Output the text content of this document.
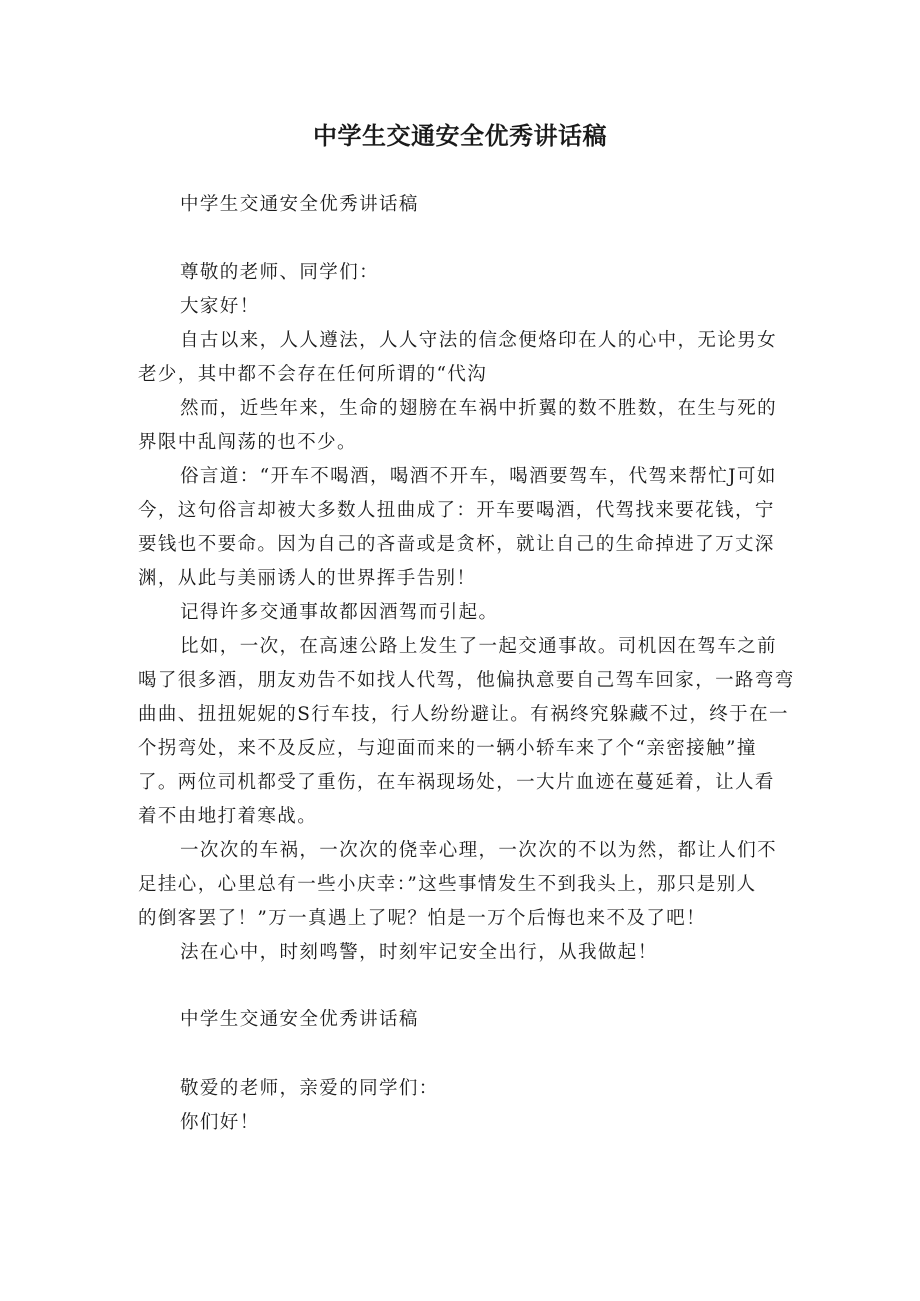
中学生交通安全优秀讲话稿
中学生交通安全优秀讲话稿
尊敬的老师、同学们：
大家好！
自古以来，人人遵法，人人守法的信念便烙印在人的心中，无论男女
老少，其中都不会存在任何所谓的“代沟
然而，近些年来，生命的翅膀在车祸中折翼的数不胜数，在生与死的
界限中乱闯荡的也不少。
俗言道：“开车不喝酒，喝酒不开车，喝酒要驾车，代驾来帮忙J可如
今，这句俗言却被大多数人扭曲成了：开车要喝酒，代驾找来要花钱，宁
要钱也不要命。因为自己的吝啬或是贪杯，就让自己的生命掉进了万丈深
渊，从此与美丽诱人的世界挥手告别！
记得许多交通事故都因酒驾而引起。
比如，一次，在高速公路上发生了一起交通事故。司机因在驾车之前
喝了很多酒，朋友劝告不如找人代驾，他偏执意要自己驾车回家，一路弯弯
曲曲、扭扭妮妮的S行车技，行人纷纷避让。有祸终究躲藏不过，终于在一
个拐弯处，来不及反应，与迎面而来的一辆小轿车来了个“亲密接触”撞
了。两位司机都受了重伤，在车祸现场处，一大片血迹在蔓延着，让人看
着不由地打着寒战。
一次次的车祸，一次次的侥幸心理，一次次的不以为然，都让人们不
足挂心，心里总有一些小庆幸：”这些事情发生不到我头上，那只是别人
的倒客罢了！”万一真遇上了呢？怕是一万个后悔也来不及了吧！
法在心中，时刻鸣警，时刻牢记安全出行，从我做起！
中学生交通安全优秀讲话稿
敬爱的老师，亲爱的同学们：
你们好！
